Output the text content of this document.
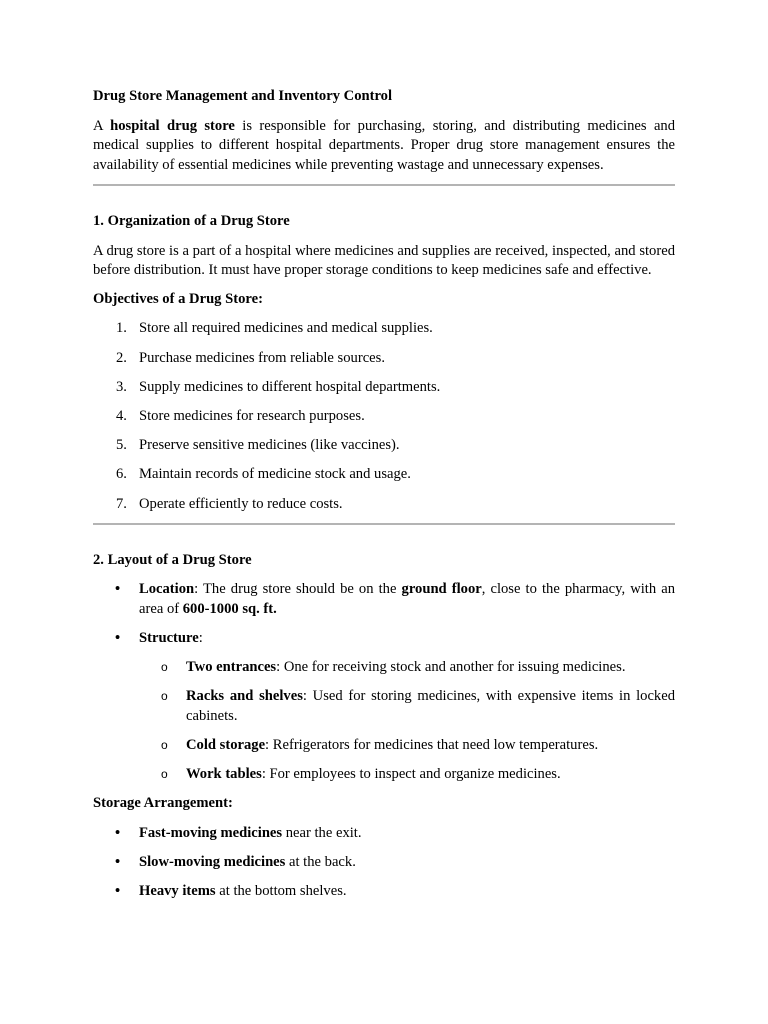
Drug Store Management and Inventory Control

A hospital drug store is responsible for purchasing, storing, and distributing medicines and medical supplies to different hospital departments. Proper drug store management ensures the availability of essential medicines while preventing wastage and unnecessary expenses.

1. Organization of a Drug Store

A drug store is a part of a hospital where medicines and supplies are received, inspected, and stored before distribution. It must have proper storage conditions to keep medicines safe and effective.

Objectives of a Drug Store:

1. Store all required medicines and medical supplies.
2. Purchase medicines from reliable sources.
3. Supply medicines to different hospital departments.
4. Store medicines for research purposes.
5. Preserve sensitive medicines (like vaccines).
6. Maintain records of medicine stock and usage.
7. Operate efficiently to reduce costs.
2. Layout of a Drug Store
• Location: The drug store should be on the ground floor, close to the pharmacy, with an area of 600-1000 sq. ft.
• Structure:
o Two entrances: One for receiving stock and another for issuing medicines.
o Racks and shelves: Used for storing medicines, with expensive items in locked cabinets.
o Cold storage: Refrigerators for medicines that need low temperatures.
o Work tables: For employees to inspect and organize medicines.

Storage Arrangement:

• Fast-moving medicines near the exit.
• Slow-moving medicines at the back.
• Heavy items at the bottom shelves.
